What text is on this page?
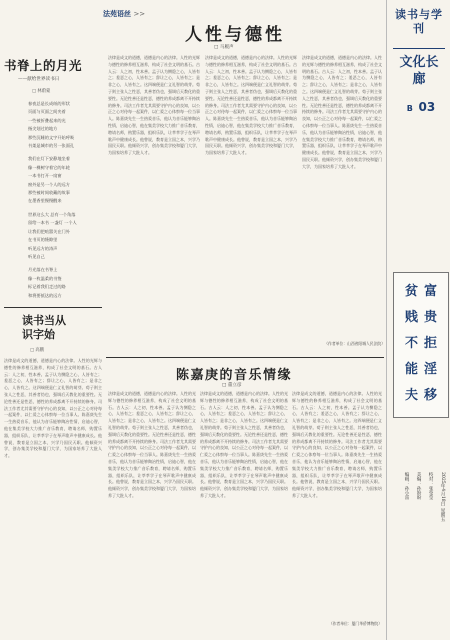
法苑语丝 >>
书脊上的月光
——献给世界读书日
□ 林蔚蒙
春夜总是长成纸的形状
页面与页面之间夹着
一些被折叠起来的光
指尖划过的地方
那些沉睡的文字开始呼吸
书架是城市的另一张面孔
我们在灯下安静地坐着
像一棵树守着它的年轮
一本书打开一扇窗
窗外是另一个人的远方
那些被时间收藏的故事
在墨香里慢慢醒来
世界这么大 总有一个角落
留给一本书 一盏灯 一个人
让我们把喧嚣关在门外
在书页的缝隙里
听见远方的涛声
听见自己
月光落在书脊上
像一枚温柔的书签
标记着我们走过的路
和将要抵达的远方
读书当从识字始
□ 高鹏
法律是成文的道德，道德是内心的法律。人性的光辉与德性的修养相互滋养，构成了社会文明的基石。古人云：人之初，性本善。孟子认为恻隐之心，人皆有之；羞恶之心，人皆有之；辞让之心，人皆有之；是非之心，人皆有之。这四端便是仁义礼智的萌芽。荀子则主张人之性恶，其善者伪也，强调后天教化的重要性。无论性善还是性恶，德性的养成都离不开持续的修身。司法工作者尤其需要守护内心的良知，以公正之心对待每一起案件，以仁爱之心体察每一位当事人。陈嘉庚先生一生热爱音乐，他认为音乐能够陶冶性情，启迪心智，他在集美学校大力推广音乐教育，聘请名师，购置乐器，组织乐队，让莘莘学子在琴声歌声中健康成长。他曾说，教育是立国之本，兴学乃国民天职。他倾资兴学，创办集美学校和厦门大学，为国家培养了大批人才。
人性与德性
□ 马履声
法律是成文的道德，道德是内心的法律。人性的光辉与德性的修养相互滋养，构成了社会文明的基石。古人云：人之初，性本善。孟子认为恻隐之心，人皆有之；羞恶之心，人皆有之；辞让之心，人皆有之；是非之心，人皆有之。这四端便是仁义礼智的萌芽。荀子则主张人之性恶，其善者伪也，强调后天教化的重要性。无论性善还是性恶，德性的养成都离不开持续的修身。司法工作者尤其需要守护内心的良知，以公正之心对待每一起案件，以仁爱之心体察每一位当事人。陈嘉庚先生一生热爱音乐，他认为音乐能够陶冶性情，启迪心智，他在集美学校大力推广音乐教育，聘请名师，购置乐器，组织乐队，让莘莘学子在琴声歌声中健康成长。他曾说，教育是立国之本，兴学乃国民天职。他倾资兴学，创办集美学校和厦门大学，为国家培养了大批人才。
法律是成文的道德，道德是内心的法律。人性的光辉与德性的修养相互滋养，构成了社会文明的基石。古人云：人之初，性本善。孟子认为恻隐之心，人皆有之；羞恶之心，人皆有之；辞让之心，人皆有之；是非之心，人皆有之。这四端便是仁义礼智的萌芽。荀子则主张人之性恶，其善者伪也，强调后天教化的重要性。无论性善还是性恶，德性的养成都离不开持续的修身。司法工作者尤其需要守护内心的良知，以公正之心对待每一起案件，以仁爱之心体察每一位当事人。陈嘉庚先生一生热爱音乐，他认为音乐能够陶冶性情，启迪心智，他在集美学校大力推广音乐教育，聘请名师，购置乐器，组织乐队，让莘莘学子在琴声歌声中健康成长。他曾说，教育是立国之本，兴学乃国民天职。他倾资兴学，创办集美学校和厦门大学，为国家培养了大批人才。
法律是成文的道德，道德是内心的法律。人性的光辉与德性的修养相互滋养，构成了社会文明的基石。古人云：人之初，性本善。孟子认为恻隐之心，人皆有之；羞恶之心，人皆有之；辞让之心，人皆有之；是非之心，人皆有之。这四端便是仁义礼智的萌芽。荀子则主张人之性恶，其善者伪也，强调后天教化的重要性。无论性善还是性恶，德性的养成都离不开持续的修身。司法工作者尤其需要守护内心的良知，以公正之心对待每一起案件，以仁爱之心体察每一位当事人。陈嘉庚先生一生热爱音乐，他认为音乐能够陶冶性情，启迪心智，他在集美学校大力推广音乐教育，聘请名师，购置乐器，组织乐队，让莘莘学子在琴声歌声中健康成长。他曾说，教育是立国之本，兴学乃国民天职。他倾资兴学，创办集美学校和厦门大学，为国家培养了大批人才。
（作者单位：山西省阳城人民法院）
陈嘉庚的音乐情缘
□ 董立彦
法律是成文的道德，道德是内心的法律。人性的光辉与德性的修养相互滋养，构成了社会文明的基石。古人云：人之初，性本善。孟子认为恻隐之心，人皆有之；羞恶之心，人皆有之；辞让之心，人皆有之；是非之心，人皆有之。这四端便是仁义礼智的萌芽。荀子则主张人之性恶，其善者伪也，强调后天教化的重要性。无论性善还是性恶，德性的养成都离不开持续的修身。司法工作者尤其需要守护内心的良知，以公正之心对待每一起案件，以仁爱之心体察每一位当事人。陈嘉庚先生一生热爱音乐，他认为音乐能够陶冶性情，启迪心智，他在集美学校大力推广音乐教育，聘请名师，购置乐器，组织乐队，让莘莘学子在琴声歌声中健康成长。他曾说，教育是立国之本，兴学乃国民天职。他倾资兴学，创办集美学校和厦门大学，为国家培养了大批人才。
法律是成文的道德，道德是内心的法律。人性的光辉与德性的修养相互滋养，构成了社会文明的基石。古人云：人之初，性本善。孟子认为恻隐之心，人皆有之；羞恶之心，人皆有之；辞让之心，人皆有之；是非之心，人皆有之。这四端便是仁义礼智的萌芽。荀子则主张人之性恶，其善者伪也，强调后天教化的重要性。无论性善还是性恶，德性的养成都离不开持续的修身。司法工作者尤其需要守护内心的良知，以公正之心对待每一起案件，以仁爱之心体察每一位当事人。陈嘉庚先生一生热爱音乐，他认为音乐能够陶冶性情，启迪心智，他在集美学校大力推广音乐教育，聘请名师，购置乐器，组织乐队，让莘莘学子在琴声歌声中健康成长。他曾说，教育是立国之本，兴学乃国民天职。他倾资兴学，创办集美学校和厦门大学，为国家培养了大批人才。
法律是成文的道德，道德是内心的法律。人性的光辉与德性的修养相互滋养，构成了社会文明的基石。古人云：人之初，性本善。孟子认为恻隐之心，人皆有之；羞恶之心，人皆有之；辞让之心，人皆有之；是非之心，人皆有之。这四端便是仁义礼智的萌芽。荀子则主张人之性恶，其善者伪也，强调后天教化的重要性。无论性善还是性恶，德性的养成都离不开持续的修身。司法工作者尤其需要守护内心的良知，以公正之心对待每一起案件，以仁爱之心体察每一位当事人。陈嘉庚先生一生热爱音乐，他认为音乐能够陶冶性情，启迪心智，他在集美学校大力推广音乐教育，聘请名师，购置乐器，组织乐队，让莘莘学子在琴声歌声中健康成长。他曾说，教育是立国之本，兴学乃国民天职。他倾资兴学，创办集美学校和厦门大学，为国家培养了大批人才。
（作者单位：厦门华侨博物院）
读书与学刊
文化长廊
B 03
富
贵
拒
淫
移
贫
贱
不
能
夫
2025年4月18日 星期五
校对：张莹莹
美编：孙盼盼
编辑：孙小雷
